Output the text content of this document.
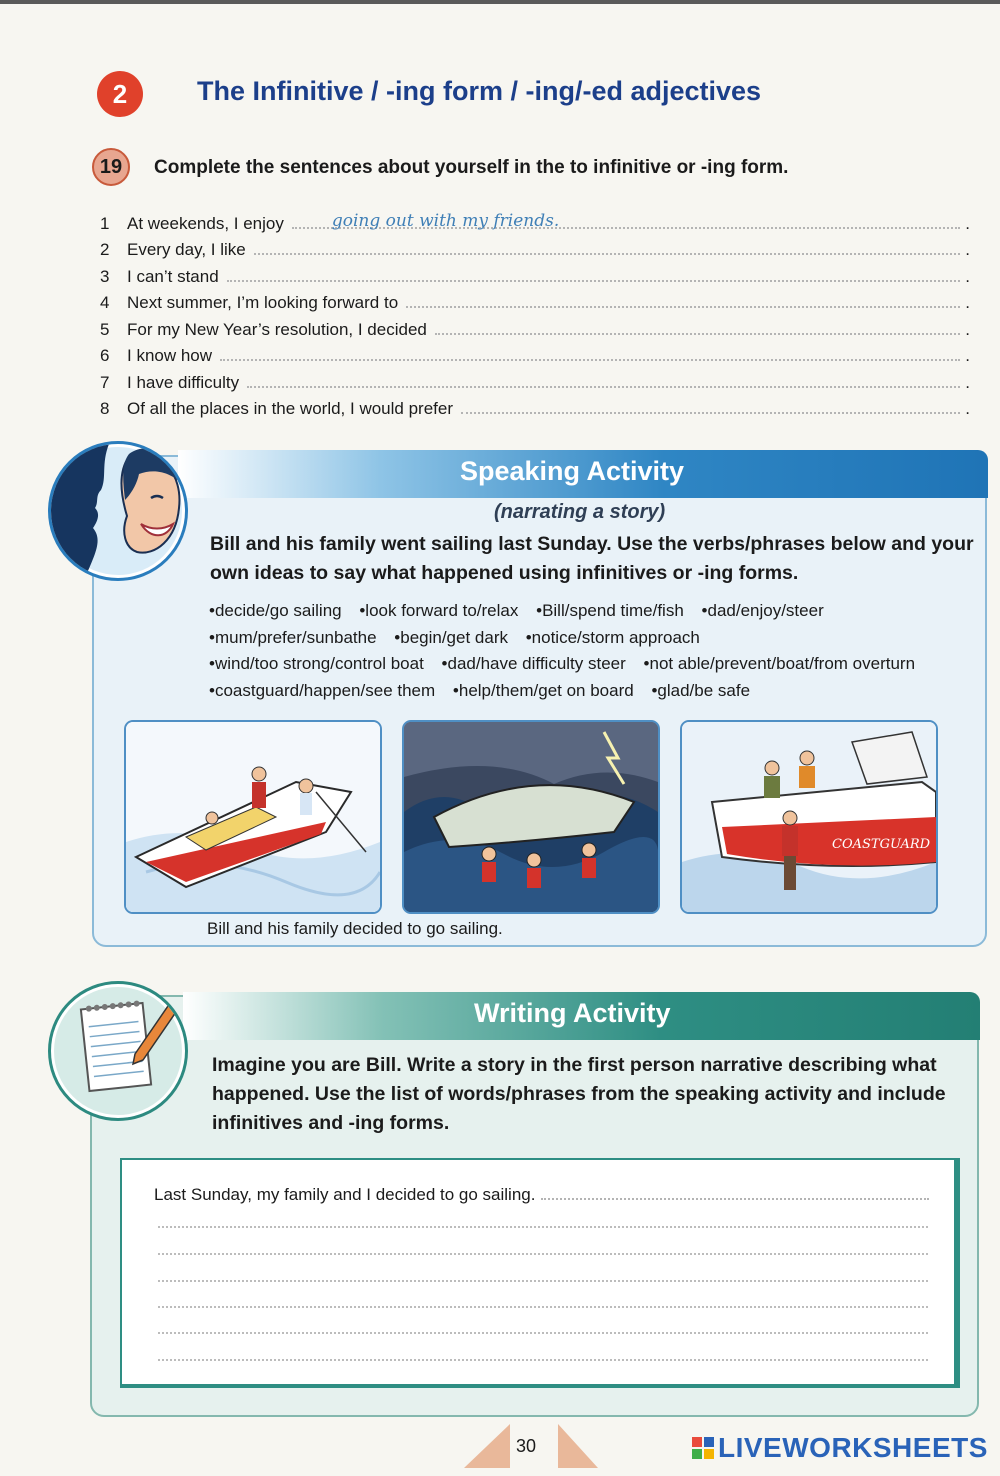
2	The Infinitive / -ing form / -ing/-ed adjectives
19	Complete the sentences about yourself in the to infinitive or -ing form.
1	At weekends, I enjoy	going out with my friends.	.
2	Every day, I like	.
3	I can’t stand	.
4	Next summer, I’m looking forward to	.
5	For my New Year’s resolution, I decided	.
6	I know how	.
7	I have difficulty	.
8	Of all the places in the world, I would prefer	.
Speaking Activity
(narrating a story)
Bill and his family went sailing last Sunday. Use the verbs/phrases below and your own ideas to say what happened using infinitives or -ing forms.
• decide/go sailing • look forward to/relax • Bill/spend time/fish • dad/enjoy/steer
• mum/prefer/sunbathe • begin/get dark • notice/storm approach
• wind/too strong/control boat • dad/have difficulty steer • not able/prevent/boat/from overturn
• coastguard/happen/see them • help/them/get on board • glad/be safe
COASTGUARD
Bill and his family decided to go sailing.
Writing Activity
Imagine you are Bill. Write a story in the first person narrative describing what happened. Use the list of words/phrases from the speaking activity and include infinitives and -ing forms.
Last Sunday, my family and I decided to go sailing.
30	LIVEWORKSHEETS
